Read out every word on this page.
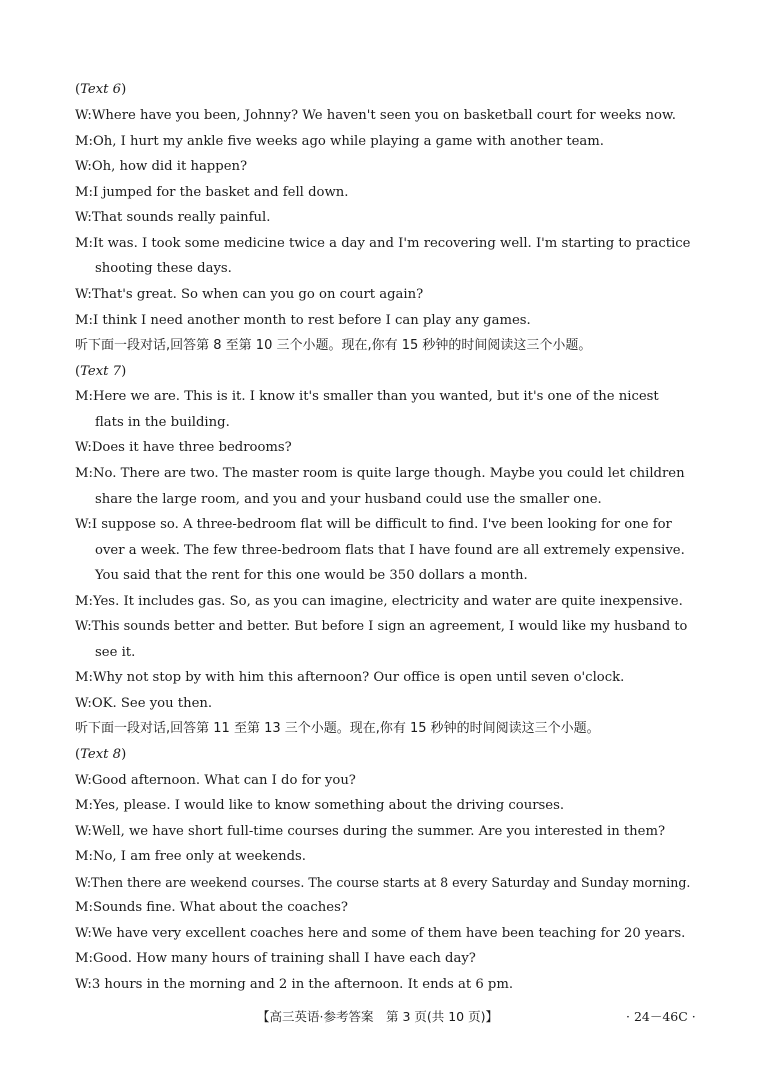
(Text 6)
W:Where have you been, Johnny? We haven't seen you on basketball court for weeks now.
M:Oh, I hurt my ankle five weeks ago while playing a game with another team.
W:Oh, how did it happen?
M:I jumped for the basket and fell down.
W:That sounds really painful.
M:It was. I took some medicine twice a day and I'm recovering well. I'm starting to practice
shooting these days.
W:That's great. So when can you go on court again?
M:I think I need another month to rest before I can play any games.
听下面一段对话,回答第 8 至第 10 三个小题。现在,你有 15 秒钟的时间阅读这三个小题。
(Text 7)
M:Here we are. This is it. I know it's smaller than you wanted, but it's one of the nicest
flats in the building.
W:Does it have three bedrooms?
M:No. There are two. The master room is quite large though. Maybe you could let children
share the large room, and you and your husband could use the smaller one.
W:I suppose so. A three-bedroom flat will be difficult to find. I've been looking for one for
over a week. The few three-bedroom flats that I have found are all extremely expensive.
You said that the rent for this one would be 350 dollars a month.
M:Yes. It includes gas. So, as you can imagine, electricity and water are quite inexpensive.
W:This sounds better and better. But before I sign an agreement, I would like my husband to
see it.
M:Why not stop by with him this afternoon? Our office is open until seven o'clock.
W:OK. See you then.
听下面一段对话,回答第 11 至第 13 三个小题。现在,你有 15 秒钟的时间阅读这三个小题。
(Text 8)
W:Good afternoon. What can I do for you?
M:Yes, please. I would like to know something about the driving courses.
W:Well, we have short full-time courses during the summer. Are you interested in them?
M:No, I am free only at weekends.
W:Then there are weekend courses. The course starts at 8 every Saturday and Sunday morning.
M:Sounds fine. What about the coaches?
W:We have very excellent coaches here and some of them have been teaching for 20 years.
M:Good. How many hours of training shall I have each day?
W:3 hours in the morning and 2 in the afternoon. It ends at 6 pm.
【高三英语·参考答案　第 3 页(共 10 页)】	· 24－46C ·
